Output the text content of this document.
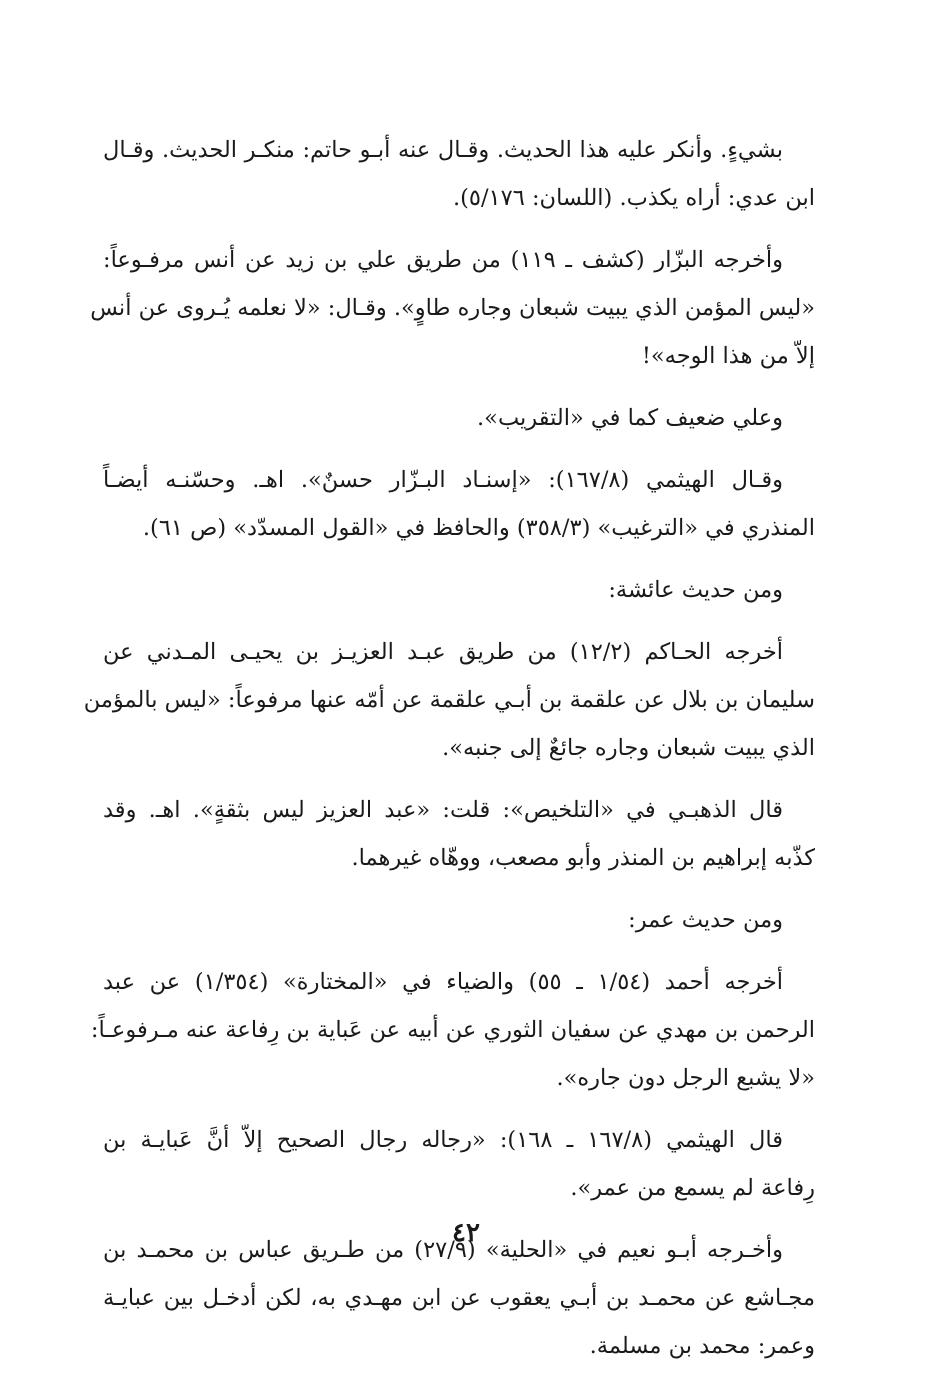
بشيءٍ. وأنكر عليه هذا الحديث. وقـال عنه أبـو حاتم: منكـر الحديث. وقـال
ابن عدي: أراه يكذب. (اللسان: ٥/١٧٦).
وأخرجه البزّار (كشف ـ ١١٩) من طريق علي بن زيد عن أنس مرفـوعاً:
«ليس المؤمن الذي يبيت شبعان وجاره طاوٍ». وقـال: «لا نعلمه يُـروى عن أنس
إلاّ من هذا الوجه»!
وعلي ضعيف كما في «التقريب».
وقـال الهيثمي (١٦٧/٨): «إسنـاد البـزّار حسنٌ». اهـ. وحسّنـه أيضـاً
المنذري في «الترغيب» (٣٥٨/٣) والحافظ في «القول المسدّد» (ص ٦١).
ومن حديث عائشة:
أخرجه الحـاكم (١٢/٢) من طريق عبـد العزيـز بن يحيـى المـدني عن
سليمان بن بلال عن علقمة بن أبـي علقمة عن أمّه عنها مرفوعاً: «ليس بالمؤمن
الذي يبيت شبعان وجاره جائعٌ إلى جنبه».
قال الذهبـي في «التلخيص»: قلت: «عبد العزيز ليس بثقةٍ». اهـ. وقد
كذّبه إبراهيم بن المنذر وأبو مصعب، ووهّاه غيرهما.
ومن حديث عمر:
أخرجه أحمد (١/٥٤ ـ ٥٥) والضياء في «المختارة» (١/٣٥٤) عن عبد
الرحمن بن مهدي عن سفيان الثوري عن أبيه عن عَباية بن رِفاعة عنه مـرفوعـاً:
«لا يشبع الرجل دون جاره».
قال الهيثمي (١٦٧/٨ ـ ١٦٨): «رجاله رجال الصحيح إلاّ أنَّ عَبايـة بن
رِفاعة لم يسمع من عمر».
وأخـرجه أبـو نعيم في «الحلية» (٢٧/٩) من طـريق عباس بن محمـد بن
مجـاشع عن محمـد بن أبـي يعقوب عن ابن مهـدي به، لكن أدخـل بين عبايـة
وعمر: محمد بن مسلمة.
٤٢
